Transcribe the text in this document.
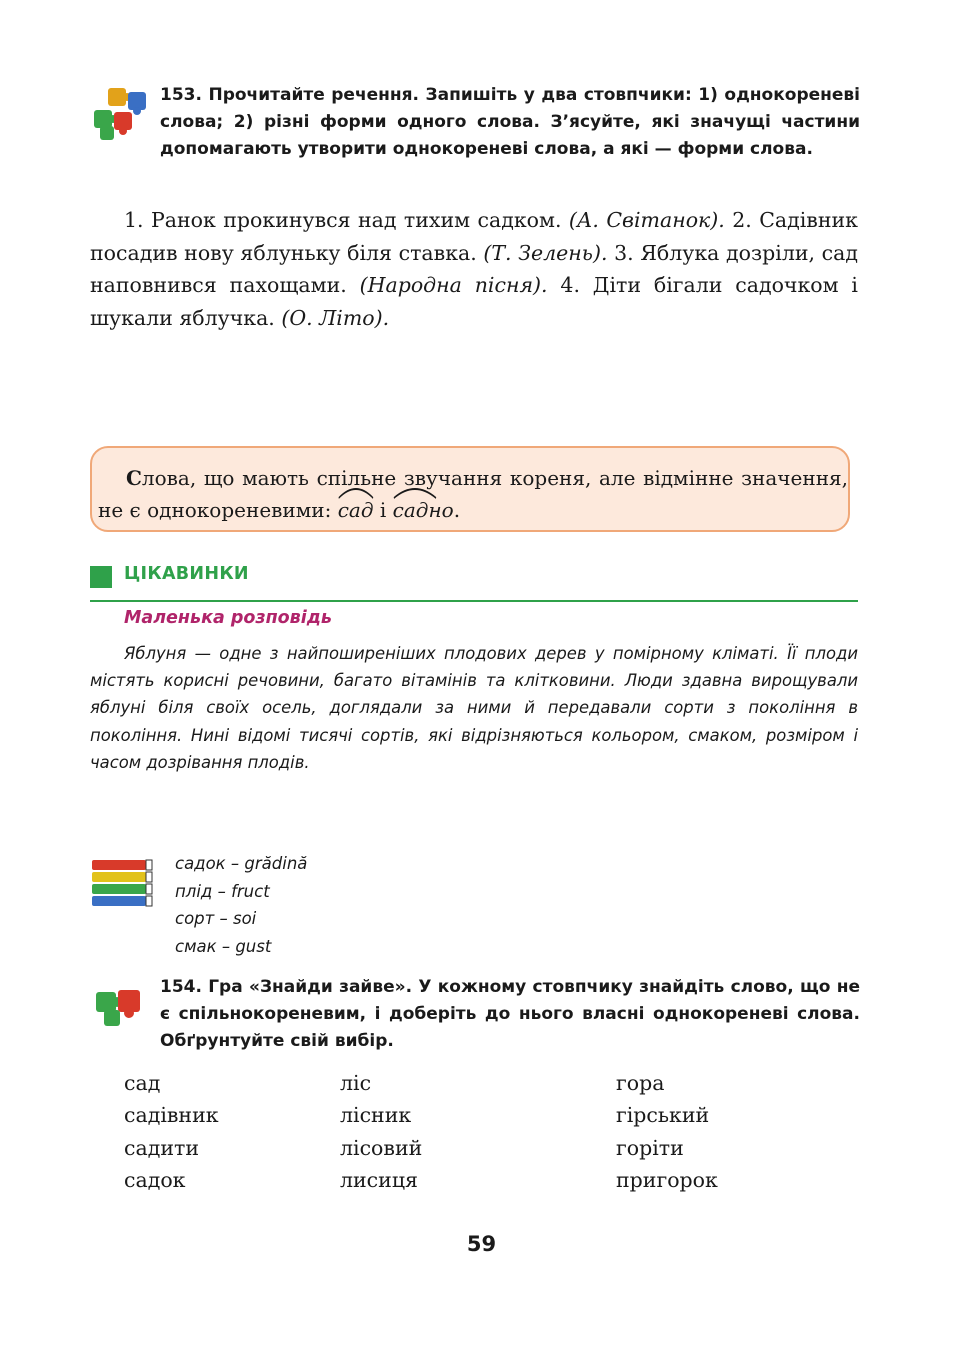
153. Прочитайте речення. Запишіть у два стовпчики: 1) однокореневі слова; 2) різні форми одного слова. З’ясуйте, які значущі частини допомагають утворити однокореневі слова, а які — форми слова.

1. Ранок прокинувся над тихим садком. (А. Світанок). 2. Садівник посадив нову яблуньку біля ставка. (Т. Зелень). 3. Яблука дозріли, сад наповнився пахощами. (Народна пісня). 4. Діти бігали садочком і шукали яблучка. (О. Літо).

Слова, що мають спільне звучання кореня, але відмінне значення, не є однокореневими:
сад і
садно.
ЦІКАВИНКИ
Маленька розповідь

Яблуня — одне з найпоширеніших плодових дерев у помірному кліматі. Її плоди містять корисні речовини, багато вітамінів та клітковини. Люди здавна вирощували яблуні біля своїх осель, доглядали за ними й передавали сорти з покоління в покоління. Нині відомі тисячі сортів, які відрізняються кольором, смаком, розміром і часом дозрівання плодів.

садок – grădină
плід – fruct
сорт – soi
смак – gust
154. Гра «Знайди зайве». У кожному стовпчику знайдіть слово, що не є спільнокореневим, і доберіть до нього власні однокореневі слова. Обґрунтуйте свій вибір.
сад
садівник
садити
садок
ліс
лісник
лісовий
лисиця
гора
гірський
горіти
пригорок
59
